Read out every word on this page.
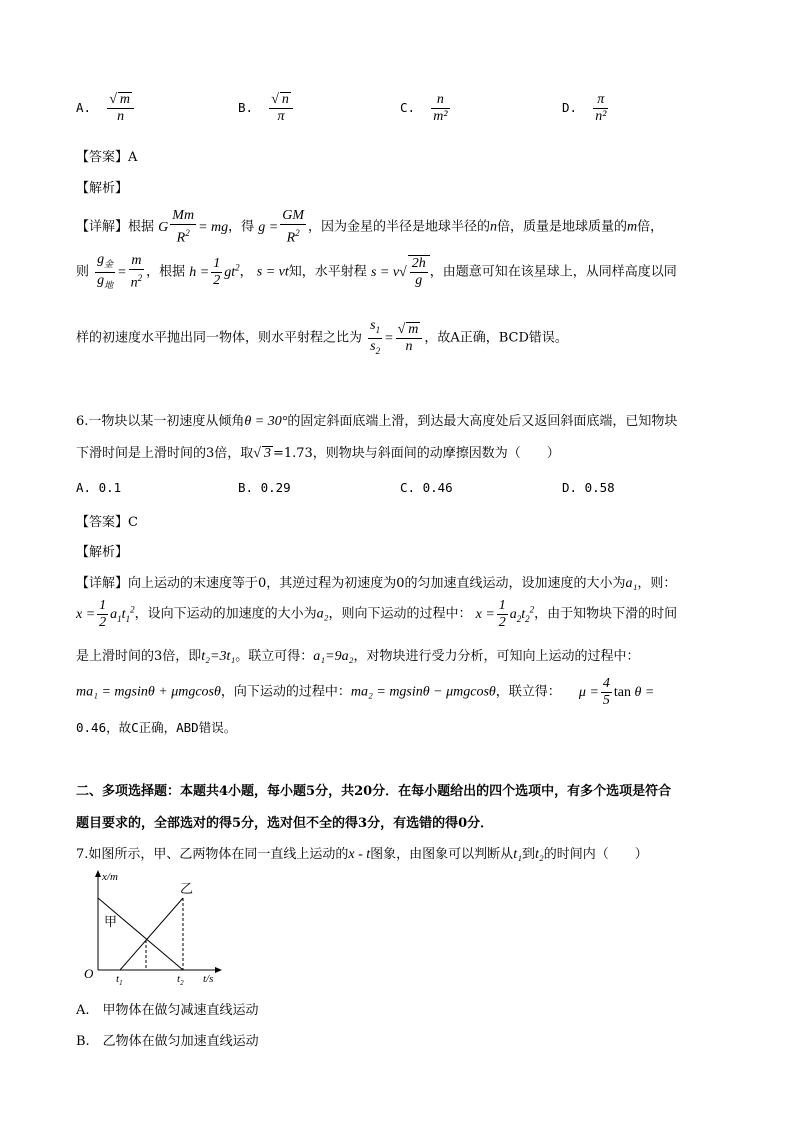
A. $\frac{√ m}{n}$	B. $\frac{√ n}{\pi}$	C. $\frac{n}{\text{m²}}$	D. $\frac{\pi}{\text{n²}}$
【答案】A
【解析】
【详解】根据 G $\frac{Mm}{R^2}$ = mg，得 $g = \frac{GM}{R^2}$ ，因为金星的半径是地球半径的n倍，质量是地球质量的m倍，
则 $\frac{g_金}{g_地} = \frac{m}{n^2}$ ，根据 $h = \frac{1}{2} gt^2$， s = vt知，水平射程 $s = v√ \frac{2h}{g}$ ，由题意可知在该星球上，从同样高度以同
样的初速度水平抛出同一物体，则水平射程之比为 $\frac{s_1}{s_2} = \frac{√ m}{n}$ ，故A正确，BCD错误。
6.一物块以某一初速度从倾角θ = 30°的固定斜面底端上滑，到达最大高度处后又返回斜面底端，已知物块
下滑时间是上滑时间的3倍，取√ 3 =1.73，则物块与斜面间的动摩擦因数为（　　）
A. 0.1	B. 0.29	C. 0.46	D. 0.58
【答案】C
【解析】
【详解】向上运动的末速度等于0，其逆过程为初速度为0的匀加速直线运动，设加速度的大小为a₁，则：
$x = \frac{1}{2} a_1t_1^2$，设向下运动的加速度的大小为a₂，则向下运动的过程中： $x = \frac{1}{2} a_2t_2^2$，由于知物块下滑的时间
是上滑时间的3倍，即t₂=3t₁。联立可得：a₁=9a₂，对物块进行受力分析，可知向上运动的过程中：
ma₁ = mgsinθ + μmgcosθ，向下运动的过程中：ma₂ = mgsinθ − μmgcosθ，联立得： $\mu = \frac{4}{5}$ tan θ =
0.46，故C正确，ABD错误。
二、多项选择题：本题共4小题，每小题5分，共20分．在每小题给出的四个选项中，有多个选项是符合
题目要求的，全部选对的得5分，选对但不全的得3分，有选错的得0分．
7.如图所示，甲、乙两物体在同一直线上运动的x - t图象，由图象可以判断从t₁到t₂的时间内（　　）
x/m
t/s
O $t_1$	$t_2$
甲
乙
A.　甲物体在做匀减速直线运动
B.　乙物体在做匀加速直线运动
